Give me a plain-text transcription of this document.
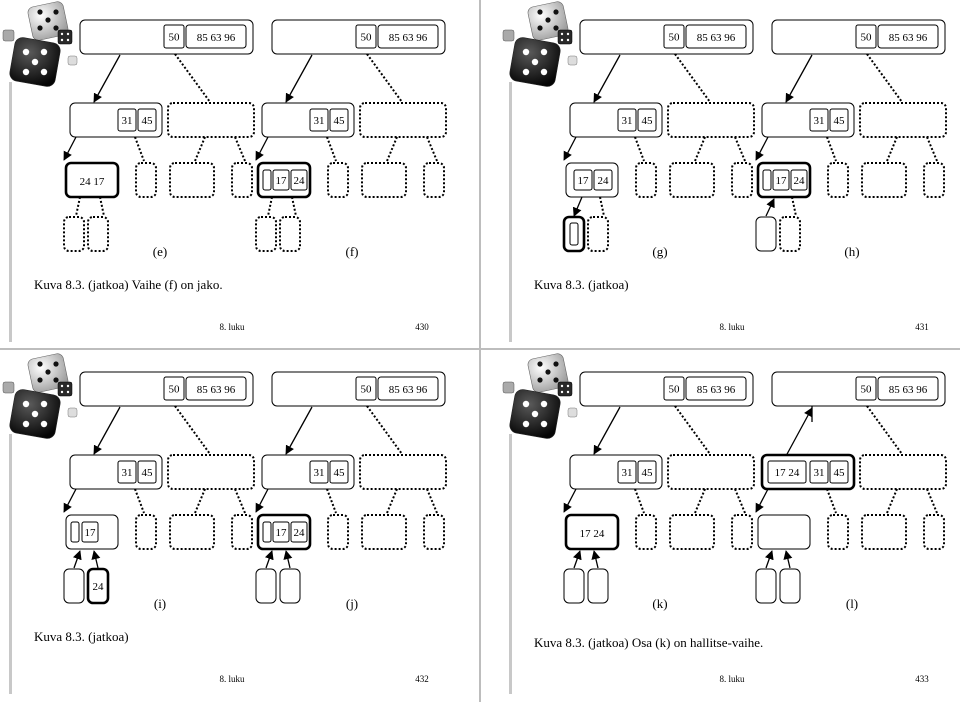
50 85 63 96
31 45
24 17
50 85 63 96
31 45
17 24
(e)	(f)
Kuva 8.3. (jatkoa) Vaihe (f) on jako.
8. luku	430
50 85 63 96
31 45
17 24
50 85 63 96
31 45
17 24
(g)	(h)
Kuva 8.3. (jatkoa)
8. luku	431
50 85 63 96
31 45
17
24
50 85 63 96
31 45
17 24
(i)	(j)
Kuva 8.3. (jatkoa)
8. luku	432
50 85 63 96
31 45
17 24
50 85 63 96
17 24 31 45
(k)	(l)
Kuva 8.3. (jatkoa) Osa (k) on hallitse-vaihe.
8. luku	433
